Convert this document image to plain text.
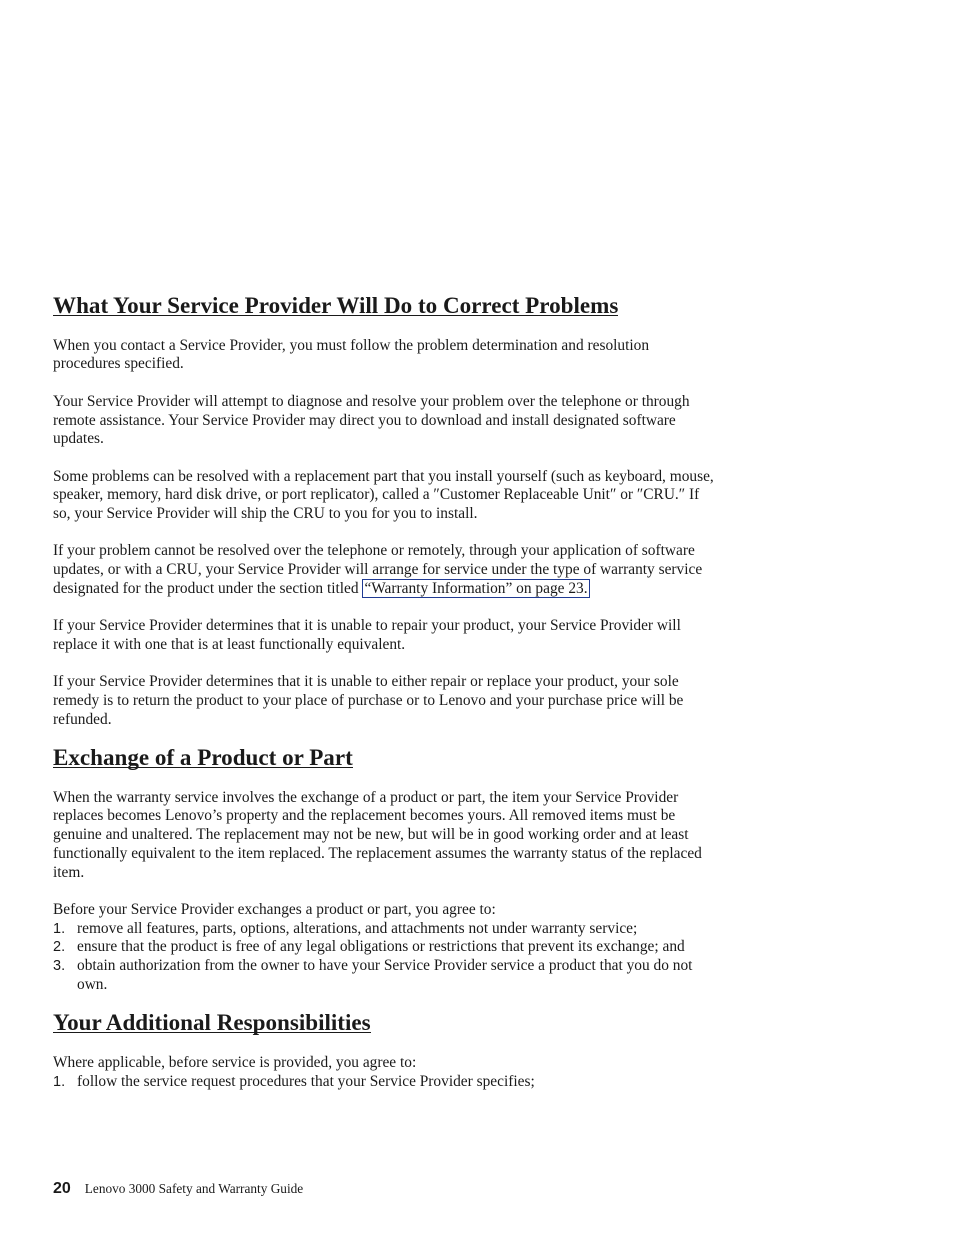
What Your Service Provider Will Do to Correct Problems

When you contact a Service Provider, you must follow the problem determination and resolution procedures specified.

Your Service Provider will attempt to diagnose and resolve your problem over the telephone or through remote assistance. Your Service Provider may direct you to download and install designated software updates.

Some problems can be resolved with a replacement part that you install yourself (such as keyboard, mouse, speaker, memory, hard disk drive, or port replicator), called a ″Customer Replaceable Unit″ or ″CRU.″ If so, your Service Provider will ship the CRU to you for you to install.

If your problem cannot be resolved over the telephone or remotely, through your application of software updates, or with a CRU, your Service Provider will arrange for service under the type of warranty service designated for the product under the section titled “Warranty Information” on page 23.

If your Service Provider determines that it is unable to repair your product, your Service Provider will replace it with one that is at least functionally equivalent.

If your Service Provider determines that it is unable to either repair or replace your product, your sole remedy is to return the product to your place of purchase or to Lenovo and your purchase price will be refunded.

Exchange of a Product or Part

When the warranty service involves the exchange of a product or part, the item your Service Provider replaces becomes Lenovo’s property and the replacement becomes yours. All removed items must be genuine and unaltered. The replacement may not be new, but will be in good working order and at least functionally equivalent to the item replaced. The replacement assumes the warranty status of the replaced item.

Before your Service Provider exchanges a product or part, you agree to:

1. remove all features, parts, options, alterations, and attachments not under warranty service;
2. ensure that the product is free of any legal obligations or restrictions that prevent its exchange; and
3. obtain authorization from the owner to have your Service Provider service a product that you do not own.
Your Additional Responsibilities

Where applicable, before service is provided, you agree to:

1. follow the service request procedures that your Service Provider specifies;
20 Lenovo 3000 Safety and Warranty Guide
